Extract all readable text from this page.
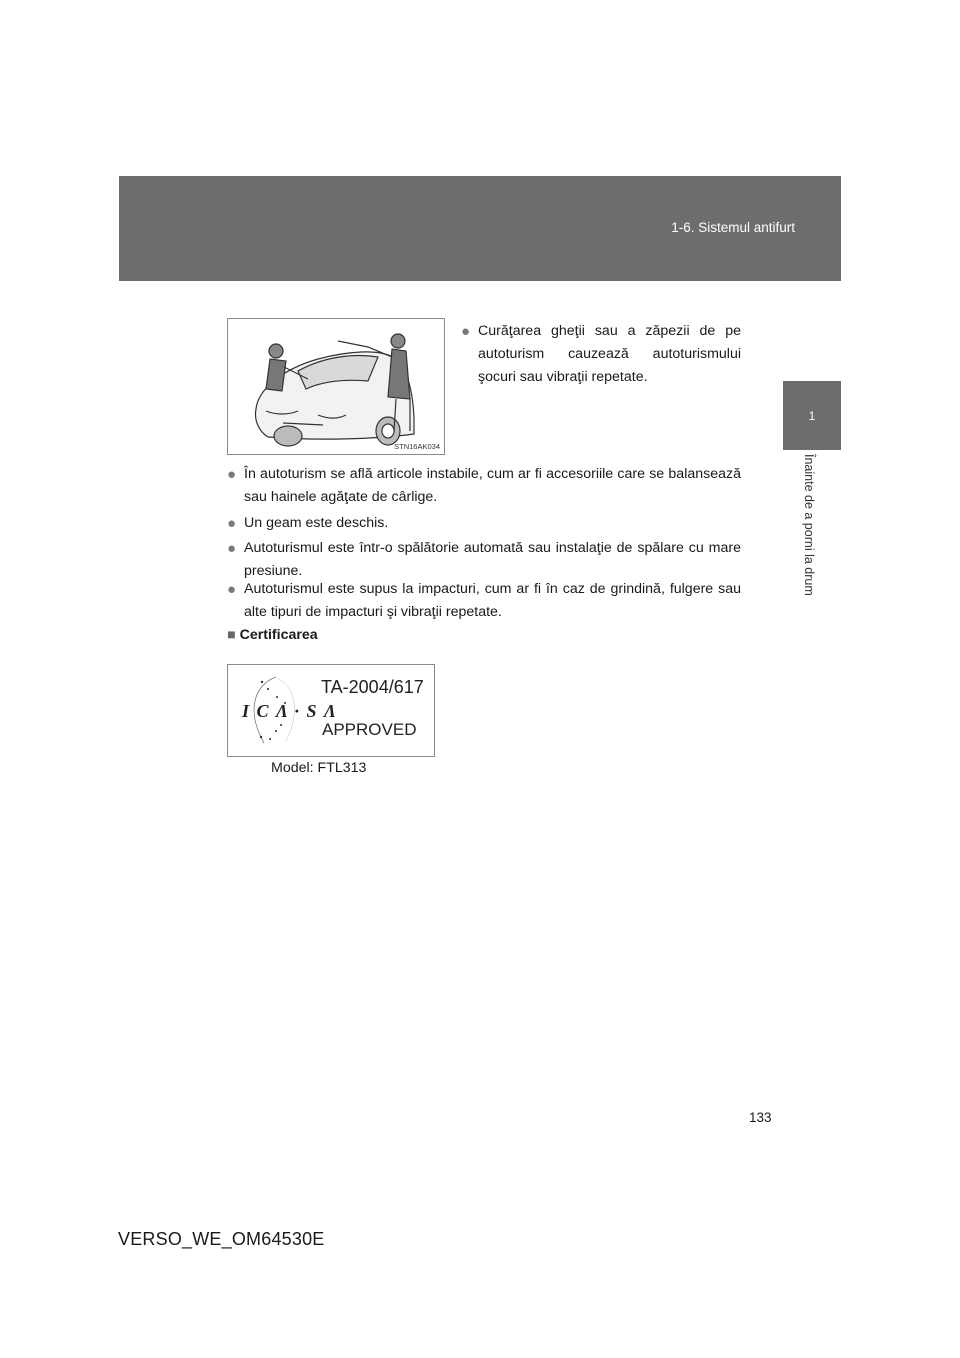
1-6. Sistemul antifurt
1
Înainte de a porni la drum
STN16AK034
● Curăţarea gheţii sau a zăpezii de pe autoturism cauzează autoturismului şocuri sau vibraţii repetate.
● În autoturism se află articole instabile, cum ar fi accesoriile care se balansează sau hainele agăţate de cârlige.
● Un geam este deschis.
● Autoturismul este într-o spălătorie automată sau instalaţie de spălare cu mare presiune.
● Autoturismul este supus la impacturi, cum ar fi în caz de grindină, fulgere sau alte tipuri de impacturi şi vibraţii repetate.
■ Certificarea
I C Λ · S Λ
TA-2004/617
APPROVED
Model: FTL313
133
VERSO_WE_OM64530E
